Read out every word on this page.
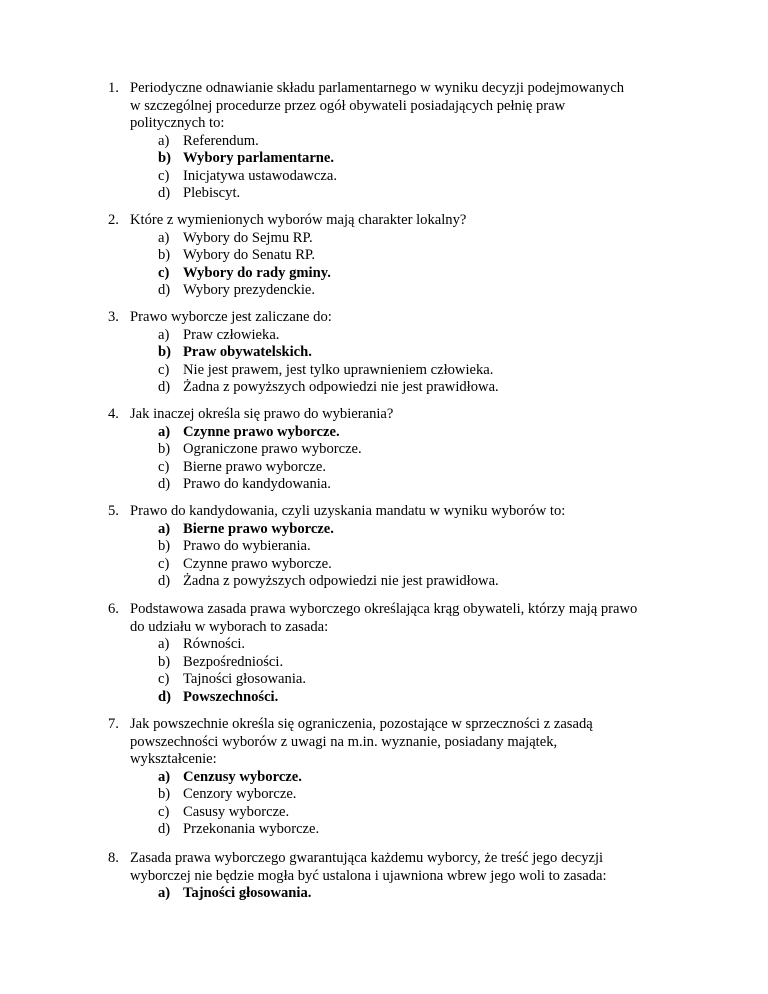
1. Periodyczne odnawianie składu parlamentarnego w wyniku decyzji podejmowanych
w szczególnej procedurze przez ogół obywateli posiadających pełnię praw
politycznych to:
a) Referendum.
b) Wybory parlamentarne.
c) Inicjatywa ustawodawcza.
d) Plebiscyt.
2. Które z wymienionych wyborów mają charakter lokalny?
a) Wybory do Sejmu RP.
b) Wybory do Senatu RP.
c) Wybory do rady gminy.
d) Wybory prezydenckie.
3. Prawo wyborcze jest zaliczane do:
a) Praw człowieka.
b) Praw obywatelskich.
c) Nie jest prawem, jest tylko uprawnieniem człowieka.
d) Żadna z powyższych odpowiedzi nie jest prawidłowa.
4. Jak inaczej określa się prawo do wybierania?
a) Czynne prawo wyborcze.
b) Ograniczone prawo wyborcze.
c) Bierne prawo wyborcze.
d) Prawo do kandydowania.
5. Prawo do kandydowania, czyli uzyskania mandatu w wyniku wyborów to:
a) Bierne prawo wyborcze.
b) Prawo do wybierania.
c) Czynne prawo wyborcze.
d) Żadna z powyższych odpowiedzi nie jest prawidłowa.
6. Podstawowa zasada prawa wyborczego określająca krąg obywateli, którzy mają prawo
do udziału w wyborach to zasada:
a) Równości.
b) Bezpośredniości.
c) Tajności głosowania.
d) Powszechności.
7. Jak powszechnie określa się ograniczenia, pozostające w sprzeczności z zasadą
powszechności wyborów z uwagi na m.in. wyznanie, posiadany majątek,
wykształcenie:
a) Cenzusy wyborcze.
b) Cenzory wyborcze.
c) Casusy wyborcze.
d) Przekonania wyborcze.
8. Zasada prawa wyborczego gwarantująca każdemu wyborcy, że treść jego decyzji
wyborczej nie będzie mogła być ustalona i ujawniona wbrew jego woli to zasada:
a) Tajności głosowania.
